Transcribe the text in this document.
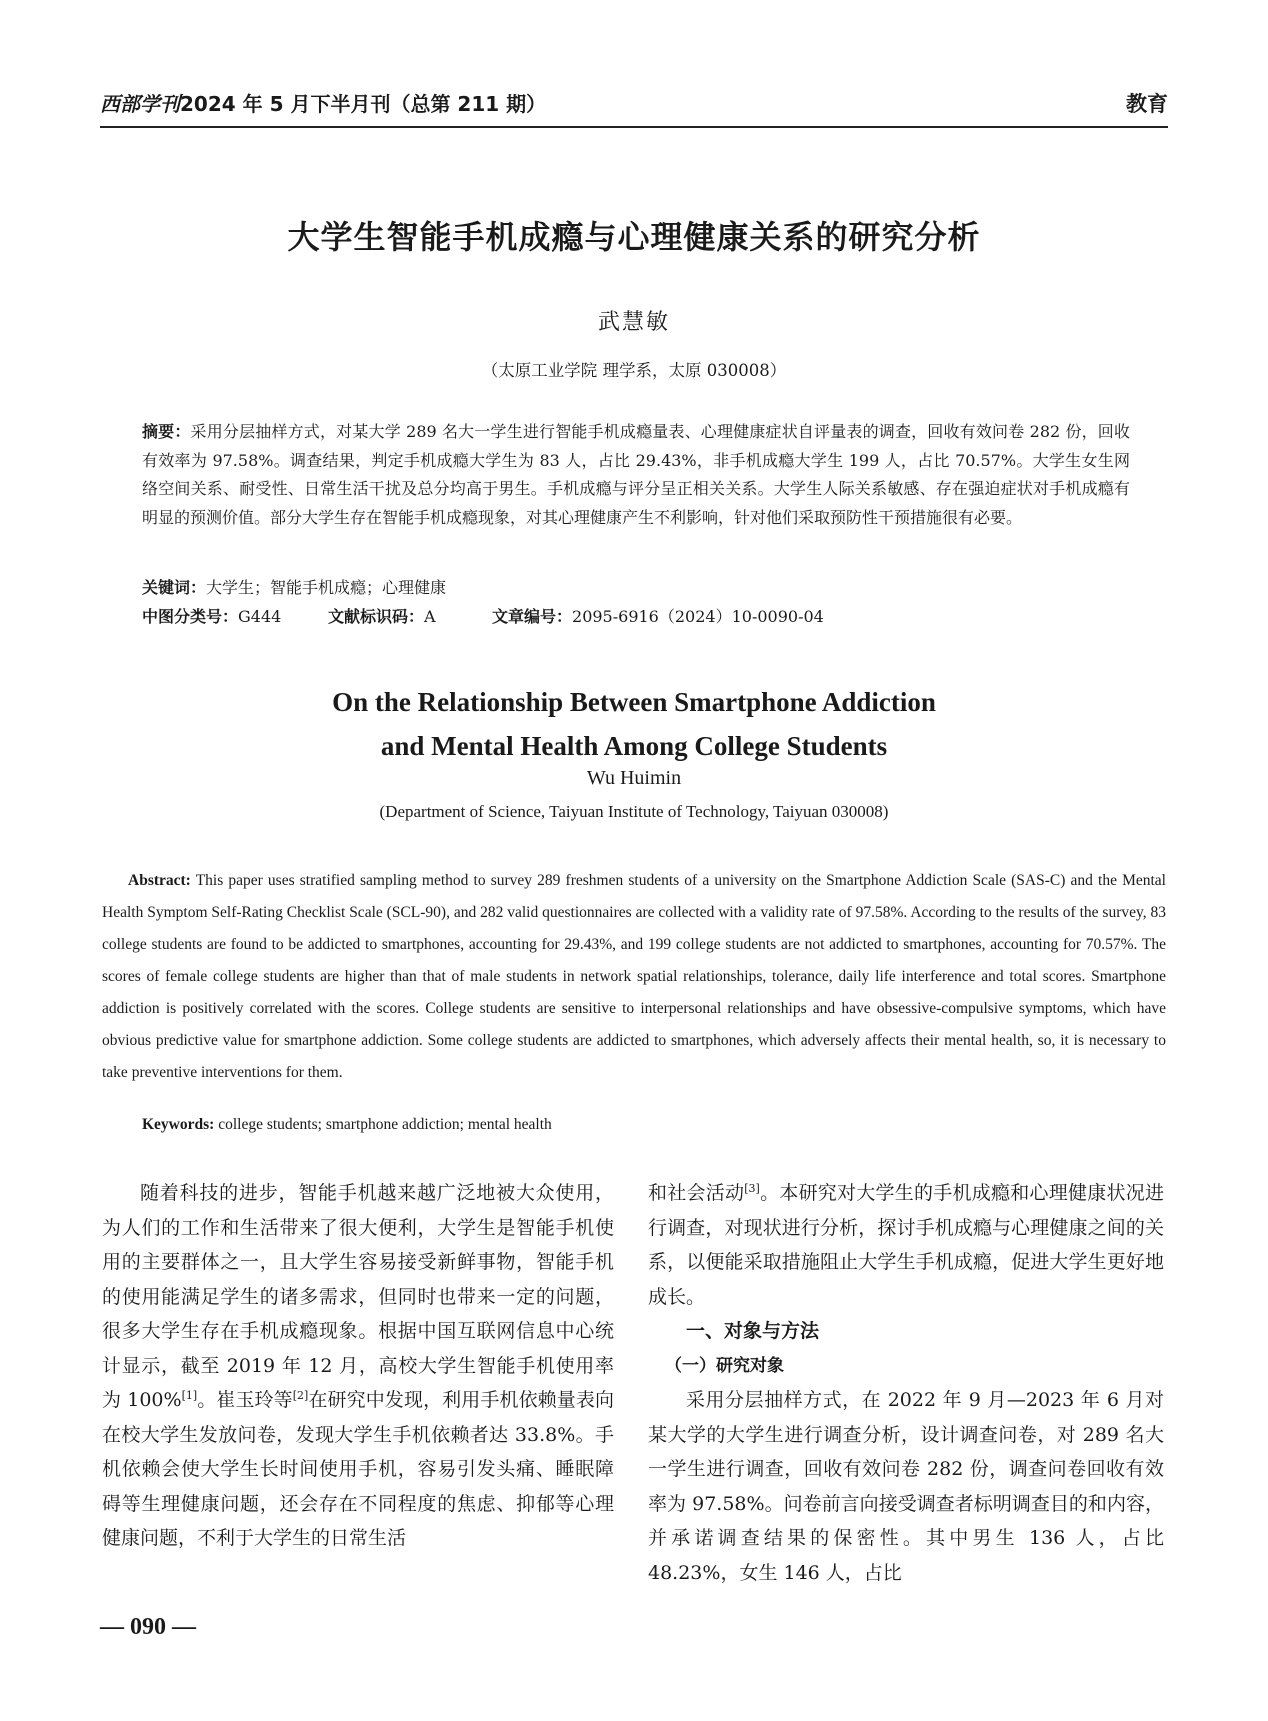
西部学刊2024 年 5 月下半月刊（总第 211 期）	教育
大学生智能手机成瘾与心理健康关系的研究分析
武慧敏
（太原工业学院 理学系，太原 030008）
摘要：采用分层抽样方式，对某大学 289 名大一学生进行智能手机成瘾量表、心理健康症状自评量表的调查，回收有效问卷 282 份，回收有效率为 97.58%。调查结果，判定手机成瘾大学生为 83 人，占比 29.43%，非手机成瘾大学生 199 人，占比 70.57%。大学生女生网络空间关系、耐受性、日常生活干扰及总分均高于男生。手机成瘾与评分呈正相关关系。大学生人际关系敏感、存在强迫症状对手机成瘾有明显的预测价值。部分大学生存在智能手机成瘾现象，对其心理健康产生不利影响，针对他们采取预防性干预措施很有必要。
关键词：大学生；智能手机成瘾；心理健康
中图分类号：G444	文献标识码：A	文章编号：2095-6916（2024）10-0090-04
On the Relationship Between Smartphone Addiction
and Mental Health Among College Students
Wu Huimin
(Department of Science, Taiyuan Institute of Technology, Taiyuan 030008)
Abstract: This paper uses stratified sampling method to survey 289 freshmen students of a university on the Smartphone Addiction Scale (SAS-C) and the Mental Health Symptom Self-Rating Checklist Scale (SCL-90), and 282 valid questionnaires are collected with a validity rate of 97.58%. According to the results of the survey, 83 college students are found to be addicted to smartphones, accounting for 29.43%, and 199 college students are not addicted to smartphones, accounting for 70.57%. The scores of female college students are higher than that of male students in network spatial relationships, tolerance, daily life interference and total scores. Smartphone addiction is positively correlated with the scores. College students are sensitive to interpersonal relationships and have obsessive-compulsive symptoms, which have obvious predictive value for smartphone addiction. Some college students are addicted to smartphones, which adversely affects their mental health, so, it is necessary to take preventive interventions for them.
Keywords: college students; smartphone addiction; mental health

随着科技的进步，智能手机越来越广泛地被大众使用，为人们的工作和生活带来了很大便利，大学生是智能手机使用的主要群体之一，且大学生容易接受新鲜事物，智能手机的使用能满足学生的诸多需求，但同时也带来一定的问题，很多大学生存在手机成瘾现象。根据中国互联网信息中心统计显示，截至 2019 年 12 月，高校大学生智能手机使用率为 100%[1]。崔玉玲等[2]在研究中发现，利用手机依赖量表向在校大学生发放问卷，发现大学生手机依赖者达 33.8%。手机依赖会使大学生长时间使用手机，容易引发头痛、睡眠障碍等生理健康问题，还会存在不同程度的焦虑、抑郁等心理健康问题，不利于大学生的日常生活

和社会活动[3]。本研究对大学生的手机成瘾和心理健康状况进行调查，对现状进行分析，探讨手机成瘾与心理健康之间的关系，以便能采取措施阻止大学生手机成瘾，促进大学生更好地成长。

一、对象与方法
（一）研究对象

采用分层抽样方式，在 2022 年 9 月—2023 年 6 月对某大学的大学生进行调查分析，设计调查问卷，对 289 名大一学生进行调查，回收有效问卷 282 份，调查问卷回收有效率为 97.58%。问卷前言向接受调查者标明调查目的和内容，并承诺调查结果的保密性。其中男生 136 人，占比 48.23%，女生 146 人，占比

— 090 —
